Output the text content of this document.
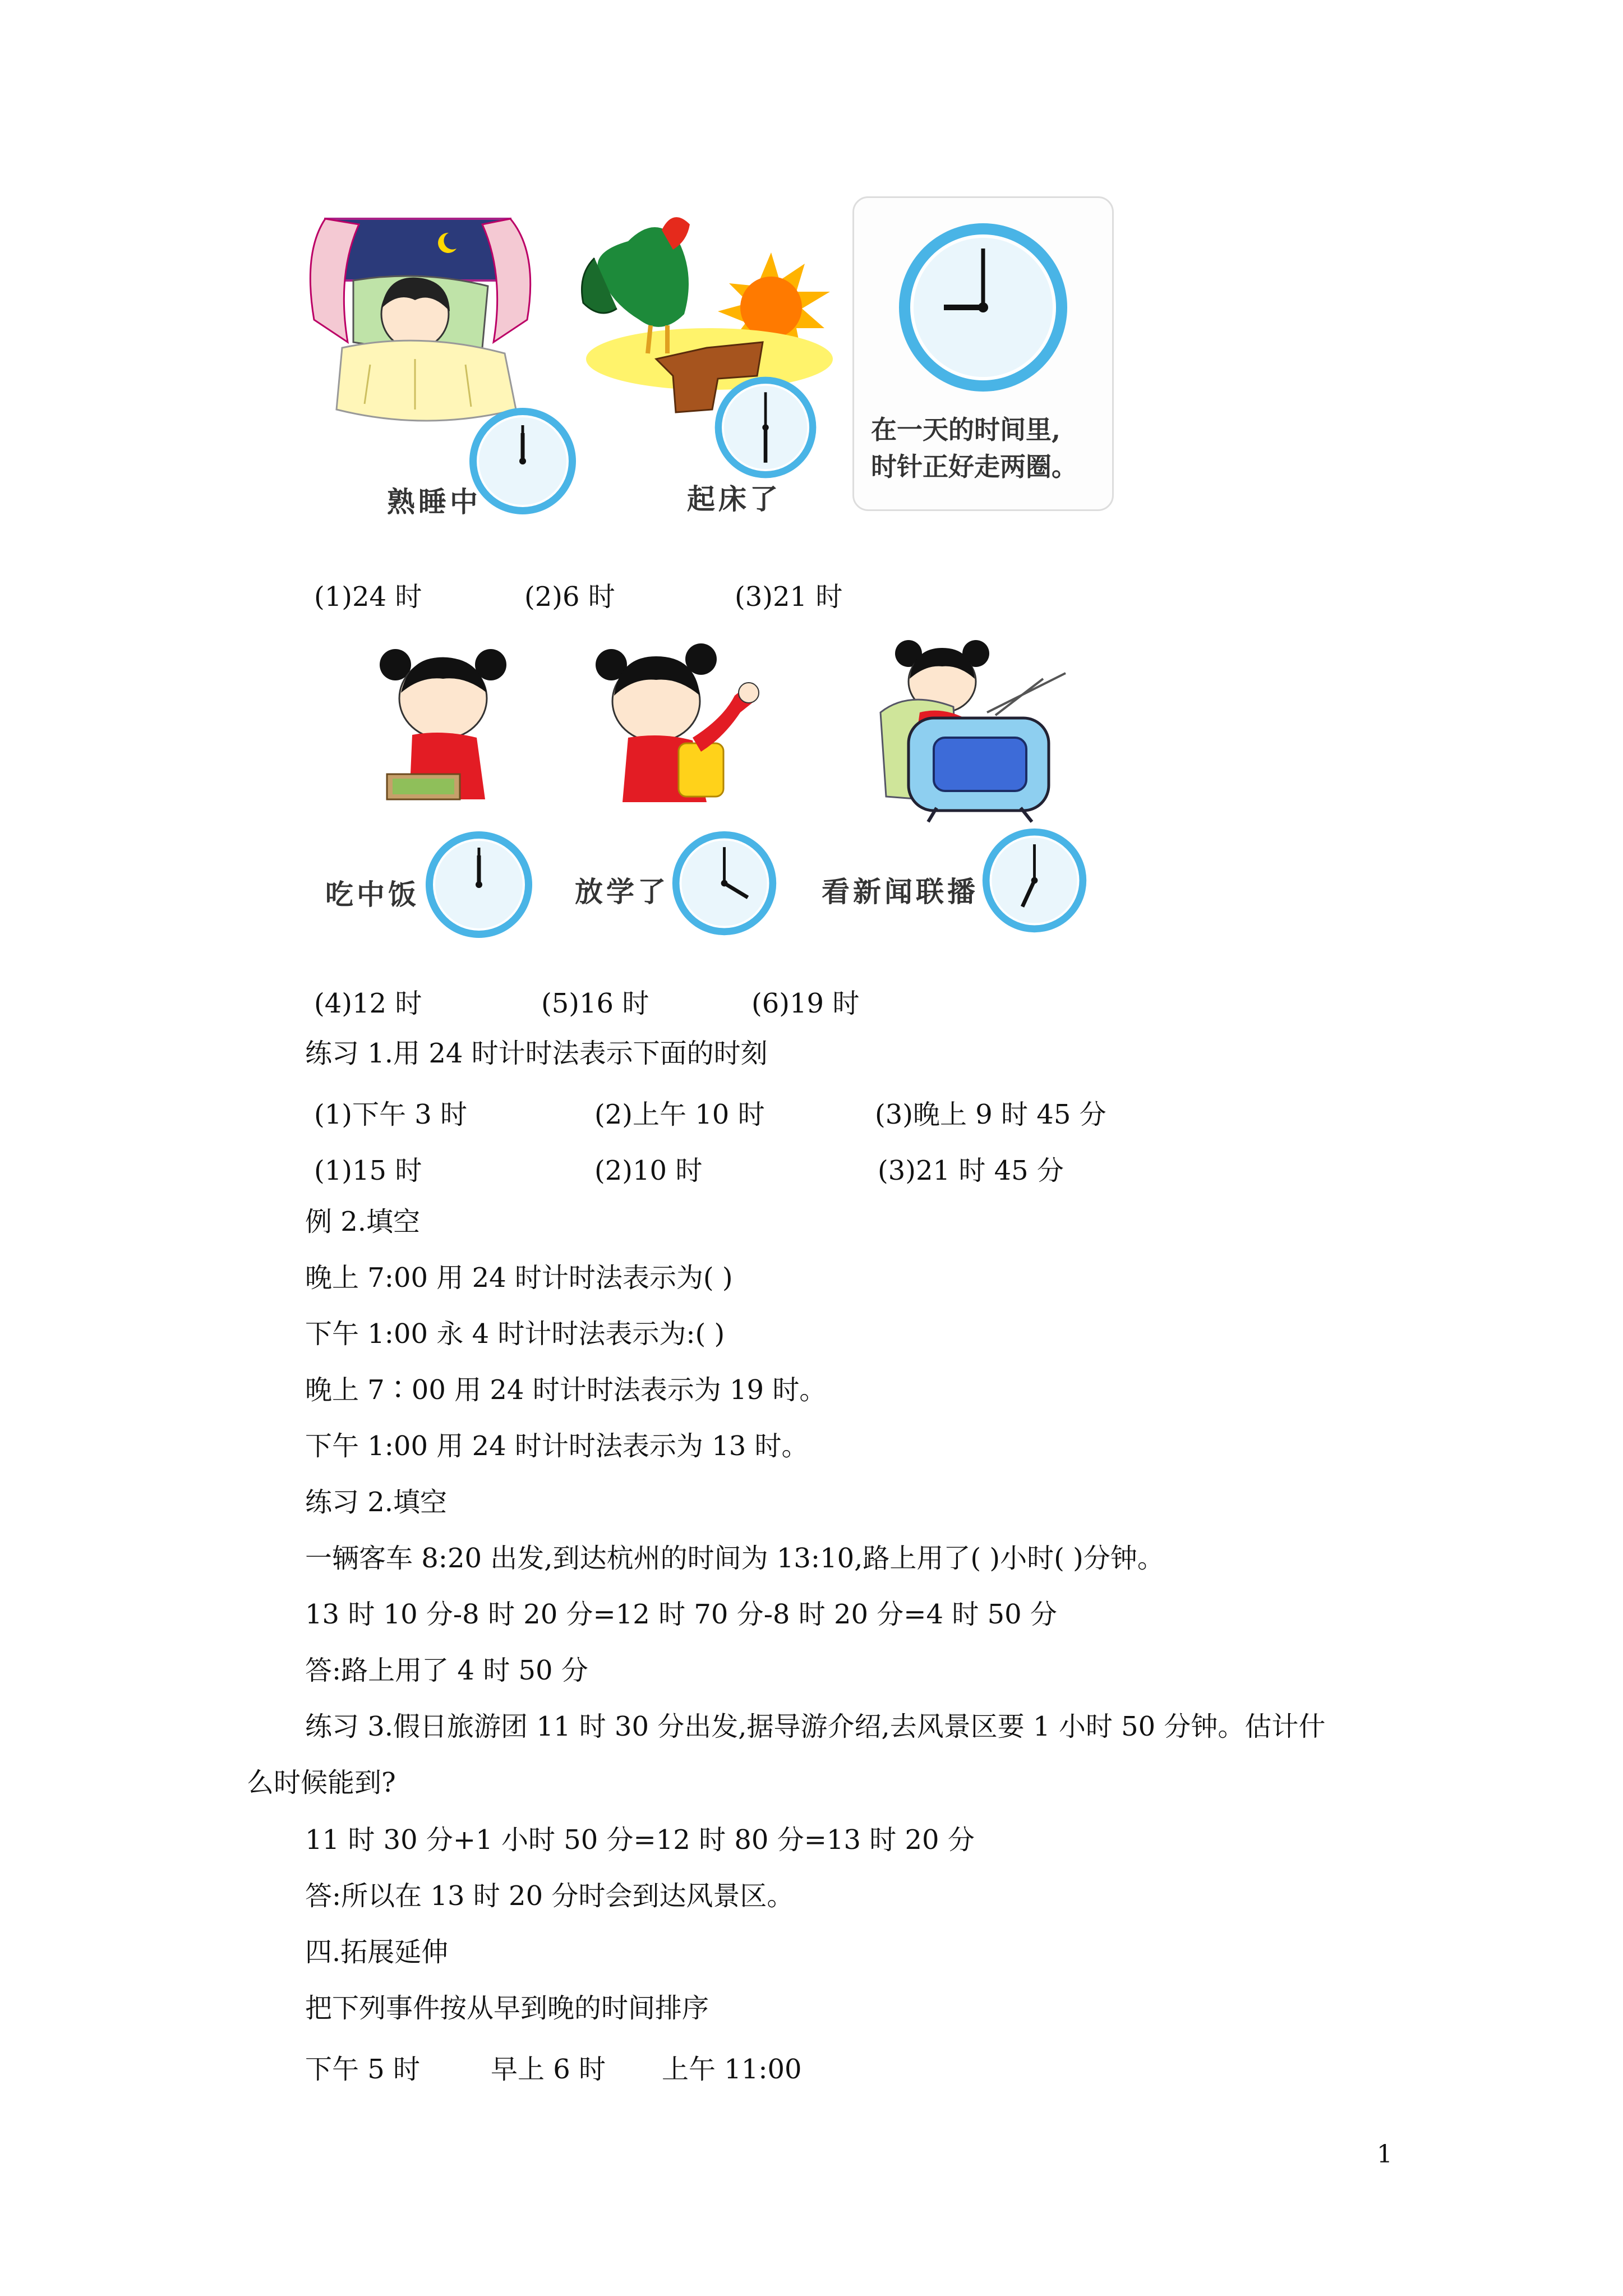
熟睡中	起床了
在一天的时间里,
时针正好走两圈。
(1)24 时	(2)6 时	(3)21 时
吃中饭	放学了	看新闻联播
(4)12 时	(5)16 时	(6)19 时
练习 1.用 24 时计时法表示下面的时刻
(1)下午 3 时	(2)上午 10 时	(3)晚上 9 时 45 分
(1)15 时	(2)10 时	(3)21 时 45 分
例 2.填空
晚上 7:00 用 24 时计时法表示为( )
下午 1:00 永 4 时计时法表示为:( )
晚上 7∶00 用 24 时计时法表示为 19 时。
下午 1:00 用 24 时计时法表示为 13 时。
练习 2.填空
一辆客车 8:20 出发,到达杭州的时间为 13:10,路上用了( )小时( )分钟。
13 时 10 分-8 时 20 分=12 时 70 分-8 时 20 分=4 时 50 分
答:路上用了 4 时 50 分
练习 3.假日旅游团 11 时 30 分出发,据导游介绍,去风景区要 1 小时 50 分钟。估计什
么时候能到?
11 时 30 分+1 小时 50 分=12 时 80 分=13 时 20 分
答:所以在 13 时 20 分时会到达风景区。
四.拓展延伸
把下列事件按从早到晚的时间排序
下午 5 时	早上 6 时 上午 11:00
1
